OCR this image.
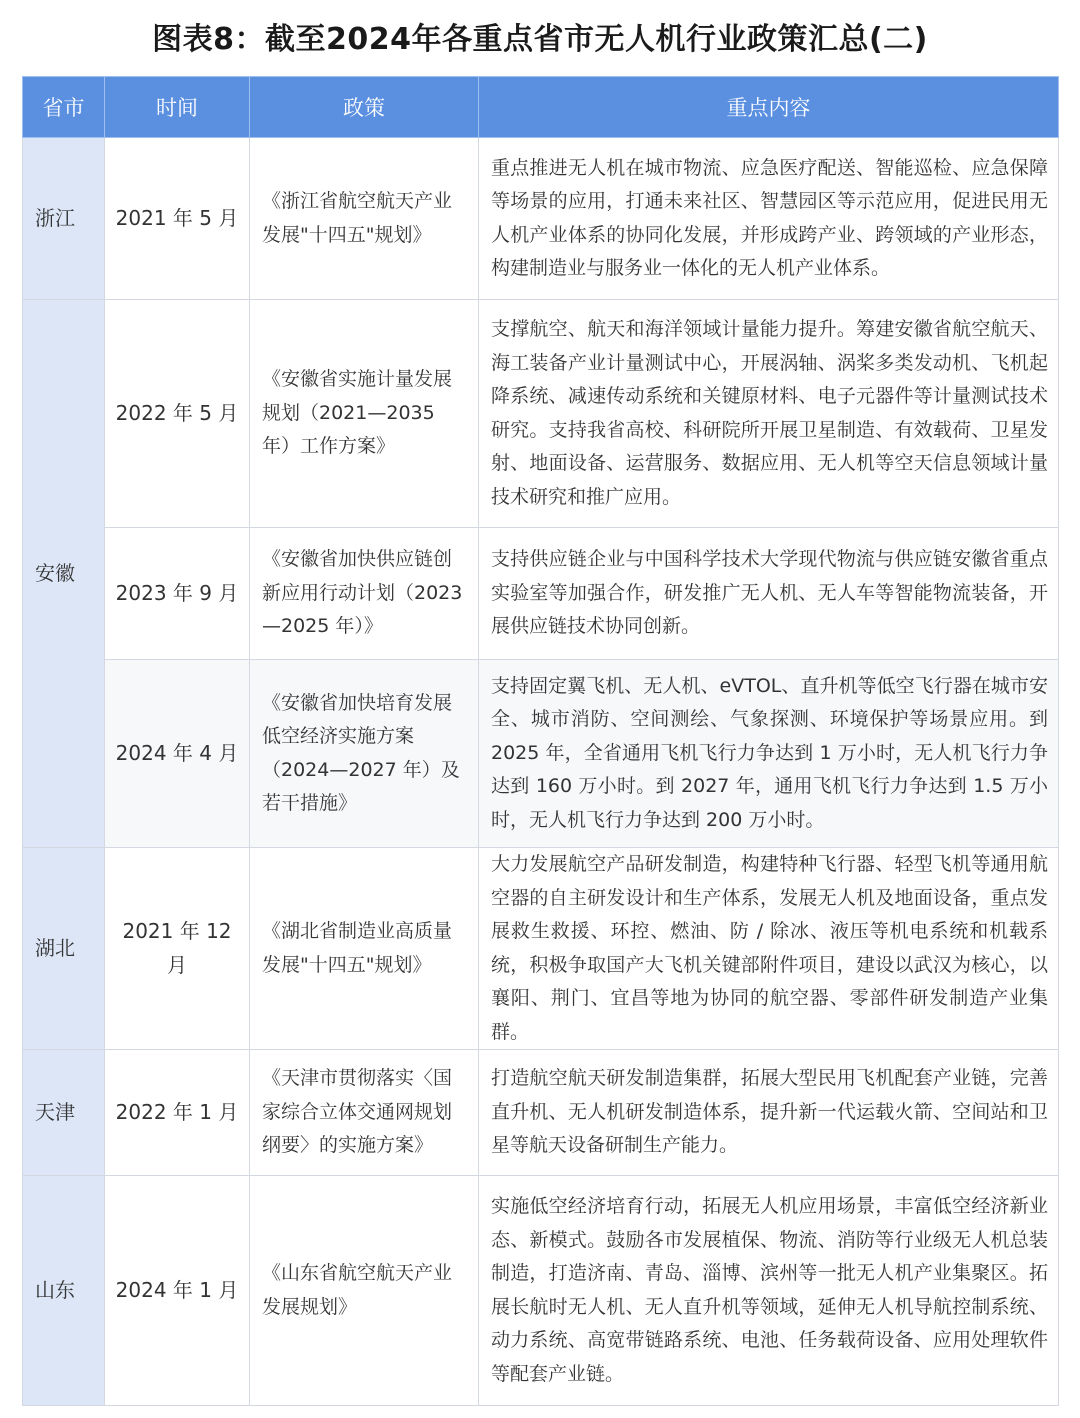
图表8：截至2024年各重点省市无人机行业政策汇总(二)
省市	时间	政策	重点内容
浙江	2021 年 5 月	《浙江省航空航天产业发展"十四五"规划》	重点推进无人机在城市物流、应急医疗配送、智能巡检、应急保障等场景的应用，打通未来社区、智慧园区等示范应用，促进民用无人机产业体系的协同化发展，并形成跨产业、跨领域的产业形态，构建制造业与服务业一体化的无人机产业体系。
安徽	2022 年 5 月	《安徽省实施计量发展规划（2021—2035 年）工作方案》	支撑航空、航天和海洋领域计量能力提升。筹建安徽省航空航天、海工装备产业计量测试中心，开展涡轴、涡桨多类发动机、飞机起降系统、减速传动系统和关键原材料、电子元器件等计量测试技术研究。支持我省高校、科研院所开展卫星制造、有效载荷、卫星发射、地面设备、运营服务、数据应用、无人机等空天信息领域计量技术研究和推广应用。
	2023 年 9 月	《安徽省加快供应链创新应用行动计划（2023—2025 年）》	支持供应链企业与中国科学技术大学现代物流与供应链安徽省重点实验室等加强合作，研发推广无人机、无人车等智能物流装备，开展供应链技术协同创新。
	2024 年 4 月	《安徽省加快培育发展低空经济实施方案（2024—2027 年）及若干措施》	支持固定翼飞机、无人机、eVTOL、直升机等低空飞行器在城市安全、城市消防、空间测绘、气象探测、环境保护等场景应用。到 2025 年，全省通用飞机飞行力争达到 1 万小时，无人机飞行力争达到 160 万小时。到 2027 年，通用飞机飞行力争达到 1.5 万小时，无人机飞行力争达到 200 万小时。
湖北	2021 年 12 月	《湖北省制造业高质量发展"十四五"规划》	大力发展航空产品研发制造，构建特种飞行器、轻型飞机等通用航空器的自主研发设计和生产体系，发展无人机及地面设备，重点发展救生救援、环控、燃油、防 / 除冰、液压等机电系统和机载系统，积极争取国产大飞机关键部附件项目，建设以武汉为核心，以襄阳、荆门、宜昌等地为协同的航空器、零部件研发制造产业集群。
天津	2022 年 1 月	《天津市贯彻落实〈国家综合立体交通网规划纲要〉的实施方案》	打造航空航天研发制造集群，拓展大型民用飞机配套产业链，完善直升机、无人机研发制造体系，提升新一代运载火箭、空间站和卫星等航天设备研制生产能力。
山东	2024 年 1 月	《山东省航空航天产业发展规划》	实施低空经济培育行动，拓展无人机应用场景，丰富低空经济新业态、新模式。鼓励各市发展植保、物流、消防等行业级无人机总装制造，打造济南、青岛、淄博、滨州等一批无人机产业集聚区。拓展长航时无人机、无人直升机等领域，延伸无人机导航控制系统、动力系统、高宽带链路系统、电池、任务载荷设备、应用处理软件等配套产业链。
